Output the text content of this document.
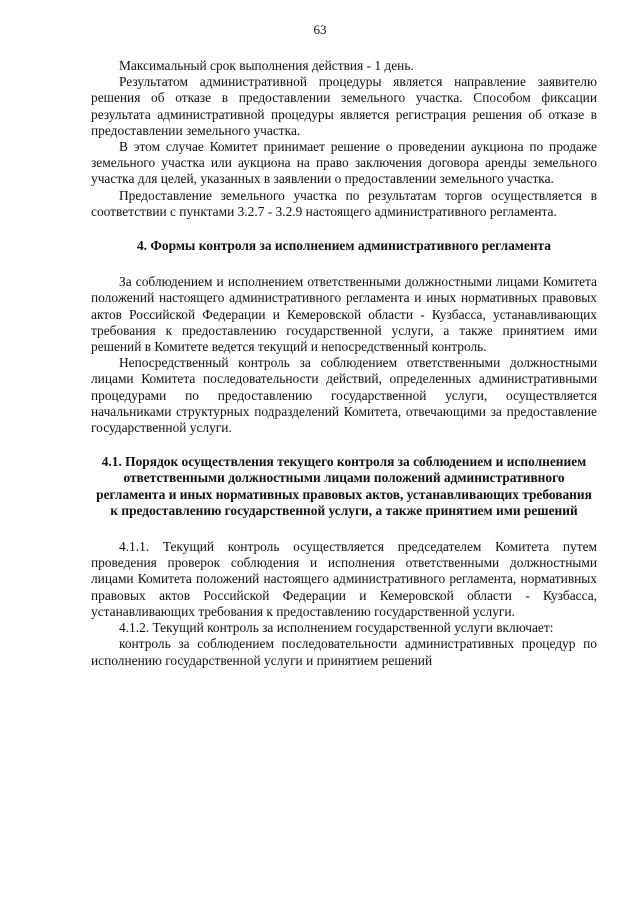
63

Максимальный срок выполнения действия - 1 день.

Результатом административной процедуры является направление заявителю решения об отказе в предоставлении земельного участка. Способом фиксации результата административной процедуры является регистрация решения об отказе в предоставлении земельного участка.

В этом случае Комитет принимает решение о проведении аукциона по продаже земельного участка или аукциона на право заключения договора аренды земельного участка для целей, указанных в заявлении о предоставлении земельного участка.

Предоставление земельного участка по результатам торгов осуществляется в соответствии с пунктами 3.2.7 - 3.2.9 настоящего административного регламента.

4. Формы контроля за исполнением административного регламента

За соблюдением и исполнением ответственными должностными лицами Комитета положений настоящего административного регламента и иных нормативных правовых актов Российской Федерации и Кемеровской области - Кузбасса, устанавливающих требования к предоставлению государственной услуги, а также принятием ими решений в Комитете ведется текущий и непосредственный контроль.

Непосредственный контроль за соблюдением ответственными должностными лицами Комитета последовательности действий, определенных административными процедурами по предоставлению государственной услуги, осуществляется начальниками структурных подразделений Комитета, отвечающими за предоставление государственной услуги.

4.1. Порядок осуществления текущего контроля за соблюдением и исполнением ответственными должностными лицами положений административного регламента и иных нормативных правовых актов, устанавливающих требования к предоставлению государственной услуги, а также принятием ими решений

4.1.1. Текущий контроль осуществляется председателем Комитета путем проведения проверок соблюдения и исполнения ответственными должностными лицами Комитета положений настоящего административного регламента, нормативных правовых актов Российской Федерации и Кемеровской области - Кузбасса, устанавливающих требования к предоставлению государственной услуги.

4.1.2. Текущий контроль за исполнением государственной услуги включает:

контроль за соблюдением последовательности административных процедур по исполнению государственной услуги и принятием решений
